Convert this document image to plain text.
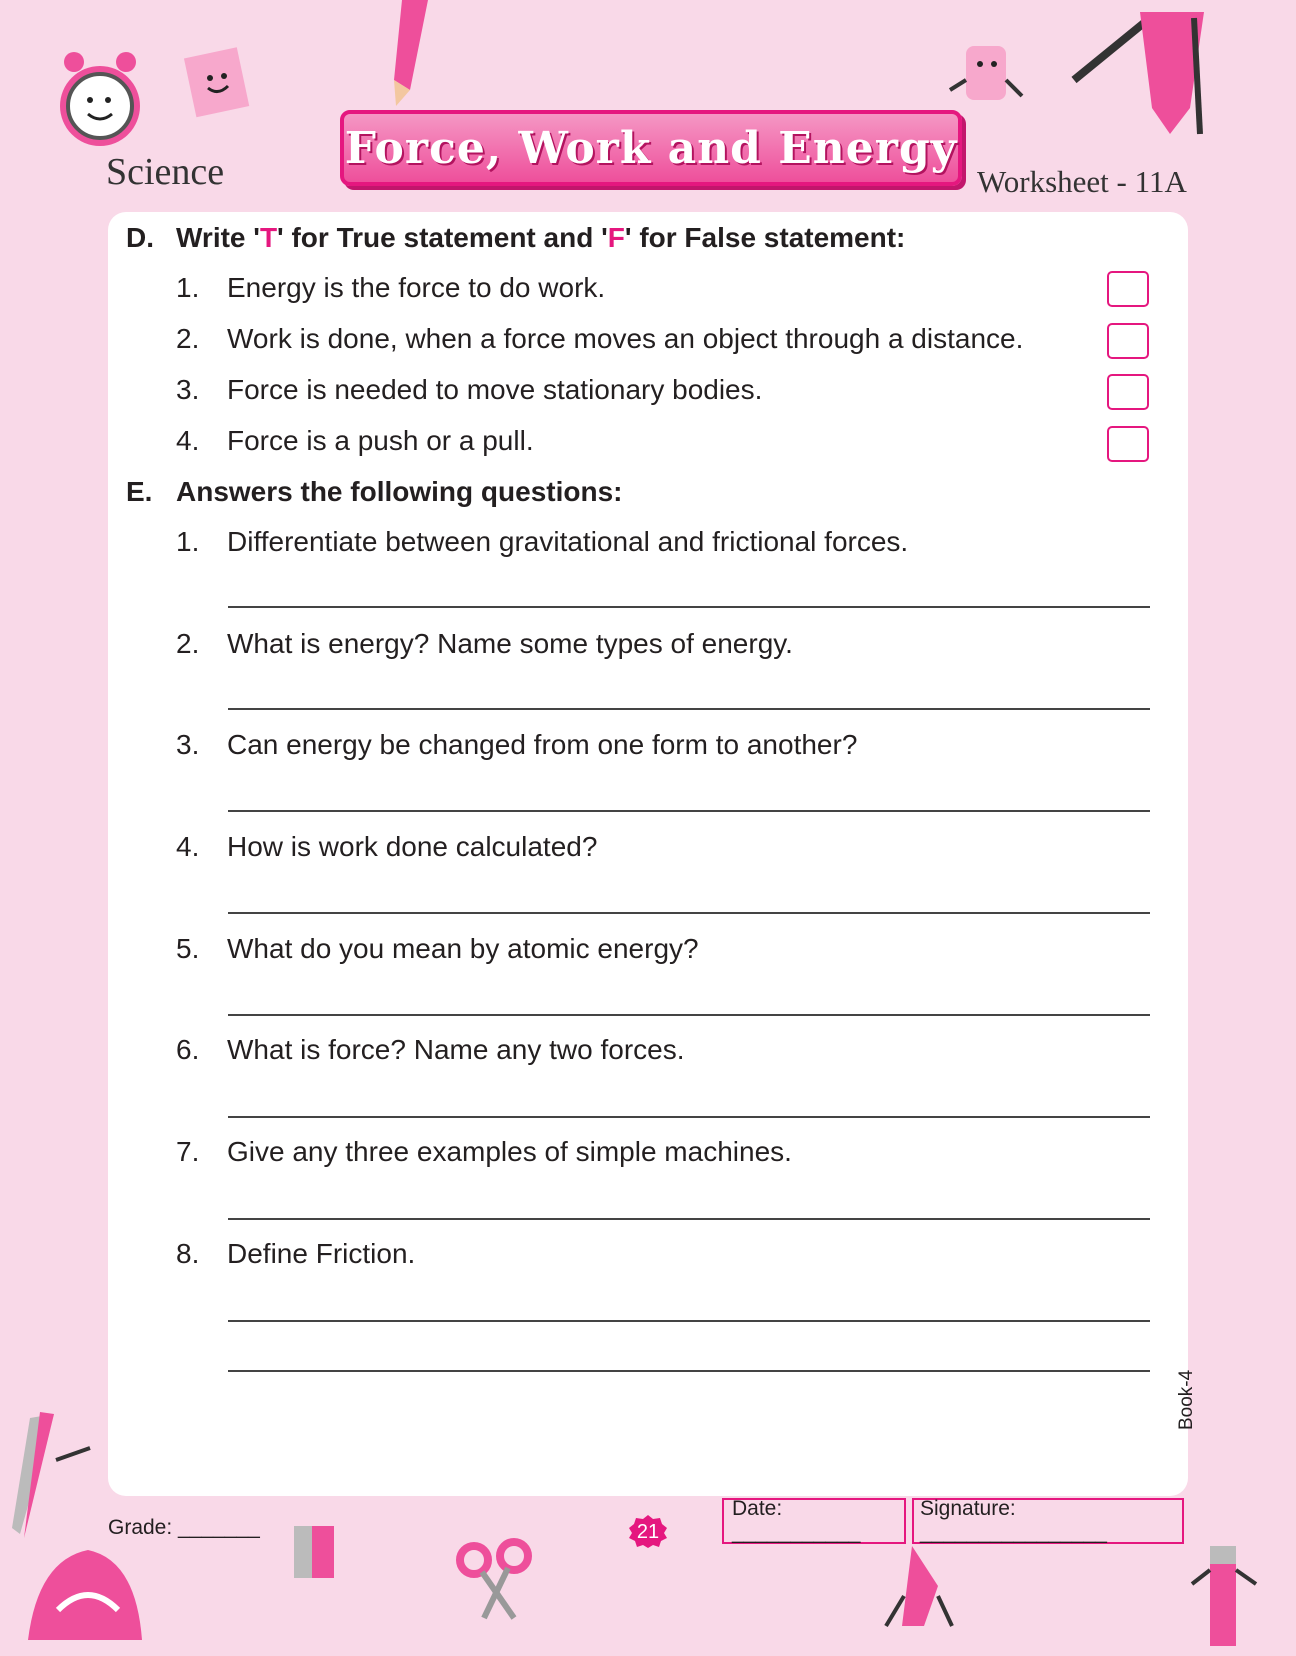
Science	Force, Work and Energy
Worksheet - 11A
D. Write 'T' for True statement and 'F' for False statement:
1. Energy is the force to do work.
2. Work is done, when a force moves an object through a distance.
3. Force is needed to move stationary bodies.
4. Force is a push or a pull.
E. Answers the following questions:
1. Differentiate between gravitational and frictional forces.
2. What is energy? Name some types of energy.
3. Can energy be changed from one form to another?
4. How is work done calculated?
5. What do you mean by atomic energy?
6. What is force? Name any two forces.
7. Give any three examples of simple machines.
8. Define Friction.
Grade: _______	21
Date: ___________
Signature: ________________
Book-4
